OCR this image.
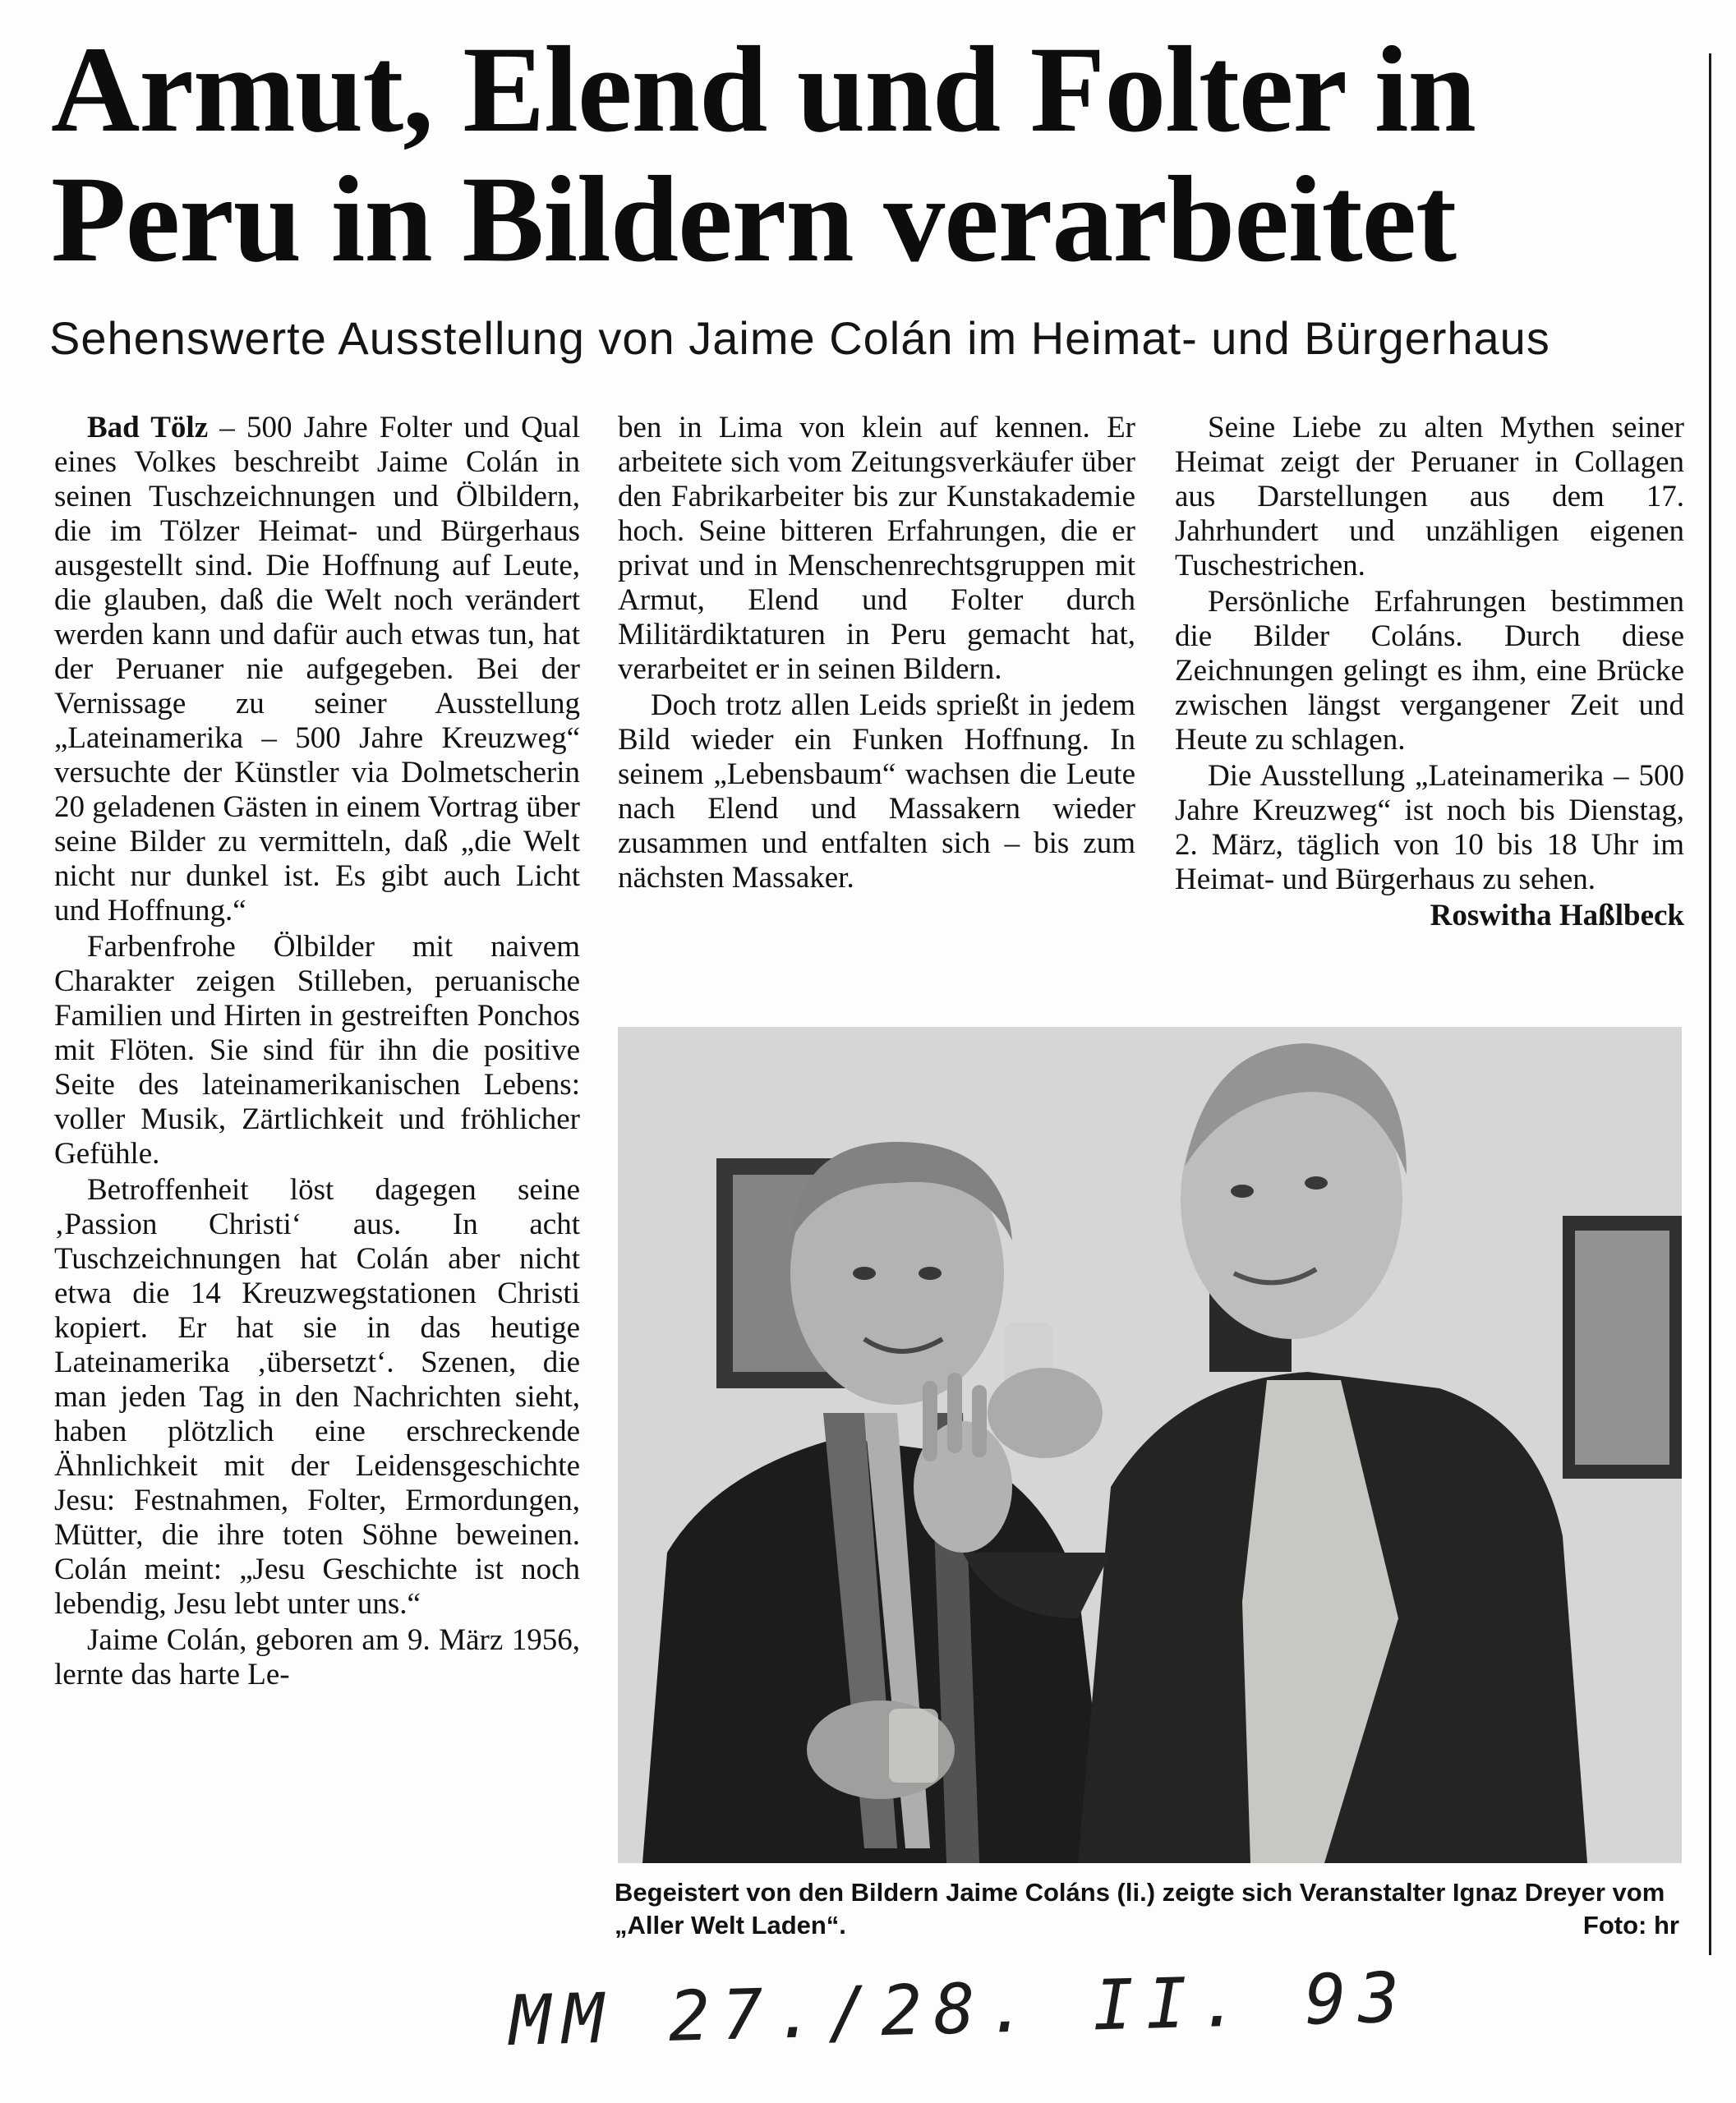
Armut, Elend und Folter in
Peru in Bildern verarbeitet
Sehenswerte Ausstellung von Jaime Colán im Heimat- und Bürgerhaus

Bad Tölz – 500 Jahre Folter und Qual eines Volkes beschreibt Jaime Colán in seinen Tuschzeichnungen und Ölbildern, die im Tölzer Heimat- und Bürgerhaus ausgestellt sind. Die Hoffnung auf Leute, die glauben, daß die Welt noch verändert werden kann und dafür auch etwas tun, hat der Peruaner nie aufgegeben. Bei der Vernissage zu seiner Ausstellung „Lateinamerika – 500 Jahre Kreuzweg“ versuchte der Künstler via Dolmetscherin 20 geladenen Gästen in einem Vortrag über seine Bilder zu vermitteln, daß „die Welt nicht nur dunkel ist. Es gibt auch Licht und Hoffnung.“

Farbenfrohe Ölbilder mit naivem Charakter zeigen Stilleben, peruanische Familien und Hirten in gestreiften Ponchos mit Flöten. Sie sind für ihn die positive Seite des lateinamerikanischen Lebens: voller Musik, Zärtlichkeit und fröhlicher Gefühle.

Betroffenheit löst dagegen seine ‚Passion Christi‘ aus. In acht Tuschzeichnungen hat Colán aber nicht etwa die 14 Kreuzwegstationen Christi kopiert. Er hat sie in das heutige Lateinamerika ‚übersetzt‘. Szenen, die man jeden Tag in den Nachrichten sieht, haben plötzlich eine erschreckende Ähnlichkeit mit der Leidensgeschichte Jesu: Festnahmen, Folter, Ermordungen, Mütter, die ihre toten Söhne beweinen. Colán meint: „Jesu Geschichte ist noch lebendig, Jesu lebt unter uns.“

Jaime Colán, geboren am 9. März 1956, lernte das harte Le-

ben in Lima von klein auf kennen. Er arbeitete sich vom Zeitungsverkäufer über den Fabrikarbeiter bis zur Kunstakademie hoch. Seine bitteren Erfahrungen, die er privat und in Menschenrechtsgruppen mit Armut, Elend und Folter durch Militärdiktaturen in Peru gemacht hat, verarbeitet er in seinen Bildern.

Doch trotz allen Leids sprießt in jedem Bild wieder ein Funken Hoffnung. In seinem „Lebensbaum“ wachsen die Leute nach Elend und Massakern wieder zusammen und entfalten sich – bis zum nächsten Massaker.

Seine Liebe zu alten Mythen seiner Heimat zeigt der Peruaner in Collagen aus Darstellungen aus dem 17. Jahrhundert und unzähligen eigenen Tuschestrichen.

Persönliche Erfahrungen bestimmen die Bilder Coláns. Durch diese Zeichnungen gelingt es ihm, eine Brücke zwischen längst vergangener Zeit und Heute zu schlagen.

Die Ausstellung „Lateinamerika – 500 Jahre Kreuzweg“ ist noch bis Dienstag, 2. März, täglich von 10 bis 18 Uhr im Heimat- und Bürgerhaus zu sehen.

Roswitha Haßlbeck

Begeistert von den Bildern Jaime Coláns (li.) zeigte sich Veranstalter Ignaz Dreyer vom „Aller Welt Laden“.	Foto: hr
MM 27./28. II. 93
